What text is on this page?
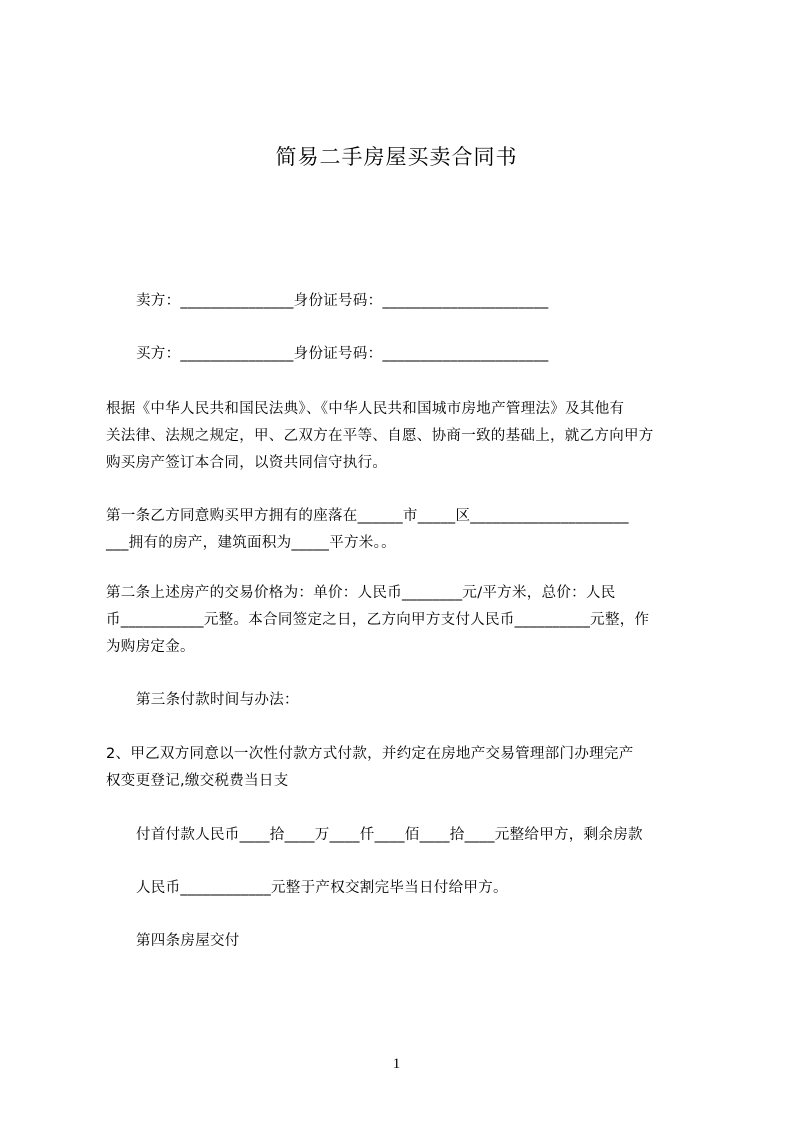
简易二手房屋买卖合同书
卖方：_______________身份证号码：______________________
买方：_______________身份证号码：______________________
根据《中华人民共和国民法典》、《中华人民共和国城市房地产管理法》及其他有
关法律、法规之规定，甲、乙双方在平等、自愿、协商一致的基础上，就乙方向甲方
购买房产签订本合同，以资共同信守执行。
第一条乙方同意购买甲方拥有的座落在______市_____区_____________________
___拥有的房产，建筑面积为_____平方米。。
第二条上述房产的交易价格为：单价：人民币________元/平方米，总价：人民
币___________元整。本合同签定之日，乙方向甲方支付人民币__________元整，作
为购房定金。
第三条付款时间与办法：
2、甲乙双方同意以一次性付款方式付款，并约定在房地产交易管理部门办理完产
权变更登记,缴交税费当日支
付首付款人民币____拾____万____仟____佰____拾____元整给甲方，剩余房款
人民币____________元整于产权交割完毕当日付给甲方。
第四条房屋交付
1
